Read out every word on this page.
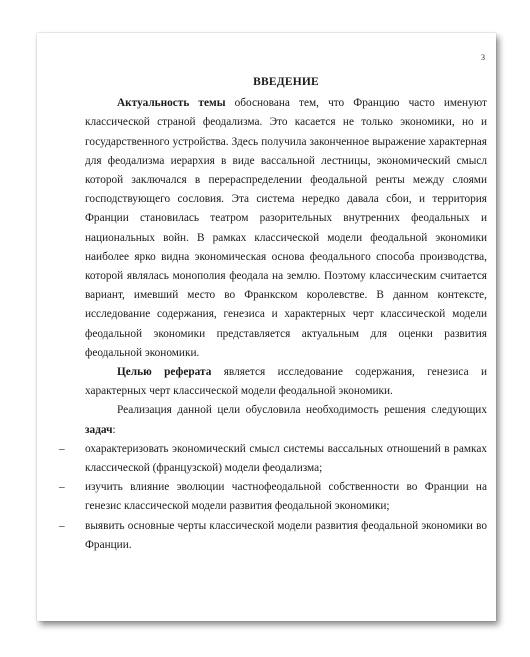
3
ВВЕДЕНИЕ

Актуальность темы обоснована тем, что Францию часто именуют классической страной феодализма. Это касается не только экономики, но и государственного устройства. Здесь получила законченное выражение характерная для феодализма иерархия в виде вассальной лестницы, экономический смысл которой заключался в перераспределении феодальной ренты между слоями господствующего сословия. Эта система нередко давала сбои, и территория Франции становилась театром разорительных внутренних феодальных и национальных войн. В рамках классической модели феодальной экономики наиболее ярко видна экономическая основа феодального способа производства, которой являлась монополия феодала на землю. Поэтому классическим считается вариант, имевший место во Франкском королевстве. В данном контексте, исследование содержания, генезиса и характерных черт классической модели феодальной экономики представляется актуальным для оценки развития феодальной экономики.

Целью реферата является исследование содержания, генезиса и характерных черт классической модели феодальной экономики.

Реализация данной цели обусловила необходимость решения следующих задач:

– охарактеризовать экономический смысл системы вассальных отношений в рамках классической (французской) модели феодализма;
– изучить влияние эволюции частнофеодальной собственности во Франции на генезис классической модели развития феодальной экономики;
– выявить основные черты классической модели развития феодальной экономики во Франции.
